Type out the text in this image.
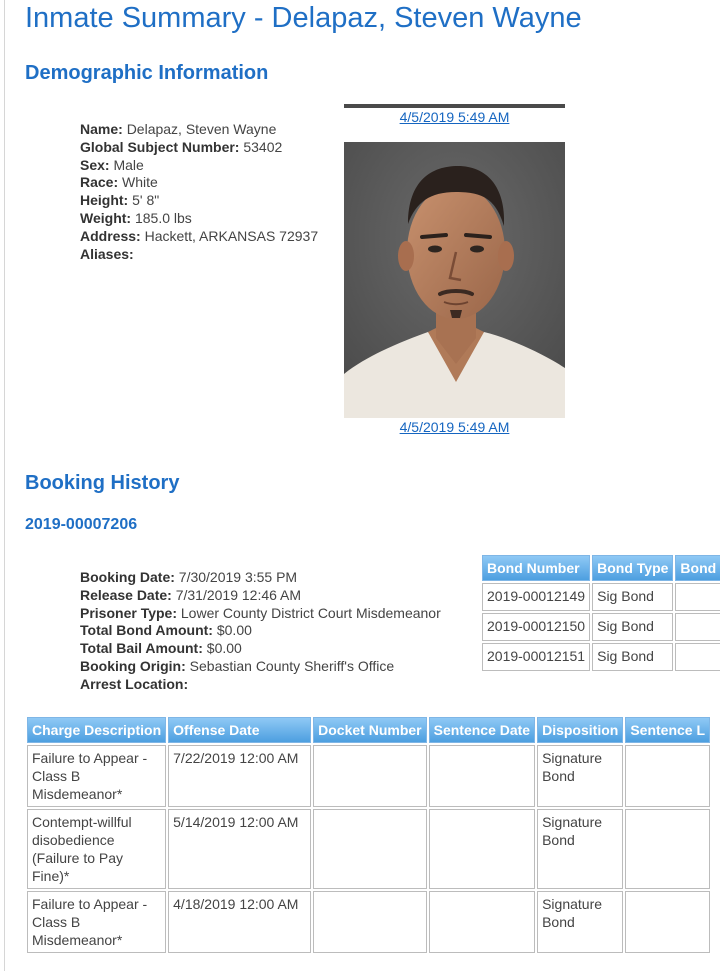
Inmate Summary - Delapaz, Steven Wayne
Demographic Information
4/5/2019 5:49 AM
Name: Delapaz, Steven Wayne
Global Subject Number: 53402
Sex: Male
Race: White
Height: 5' 8"
Weight: 185.0 lbs
Address: Hackett, ARKANSAS 72937
Aliases:
4/5/2019 5:49 AM
Booking History
2019-00007206
Booking Date: 7/30/2019 3:55 PM
Release Date: 7/31/2019 12:46 AM
Prisoner Type: Lower County District Court Misdemeanor
Total Bond Amount: $0.00
Total Bail Amount: $0.00
Booking Origin: Sebastian County Sheriff's Office
Arrest Location:
Bond Number	Bond Type	Bond
2019-00012149	Sig Bond	
2019-00012150	Sig Bond	
2019-00012151	Sig Bond	
Charge Description	Offense Date	Docket Number	Sentence Date	Disposition	Sentence L
Failure to Appear - Class B Misdemeanor*	7/22/2019 12:00 AM			Signature Bond	
Contempt-willful disobedience (Failure to Pay Fine)*	5/14/2019 12:00 AM			Signature Bond	
Failure to Appear - Class B Misdemeanor*	4/18/2019 12:00 AM			Signature Bond	
